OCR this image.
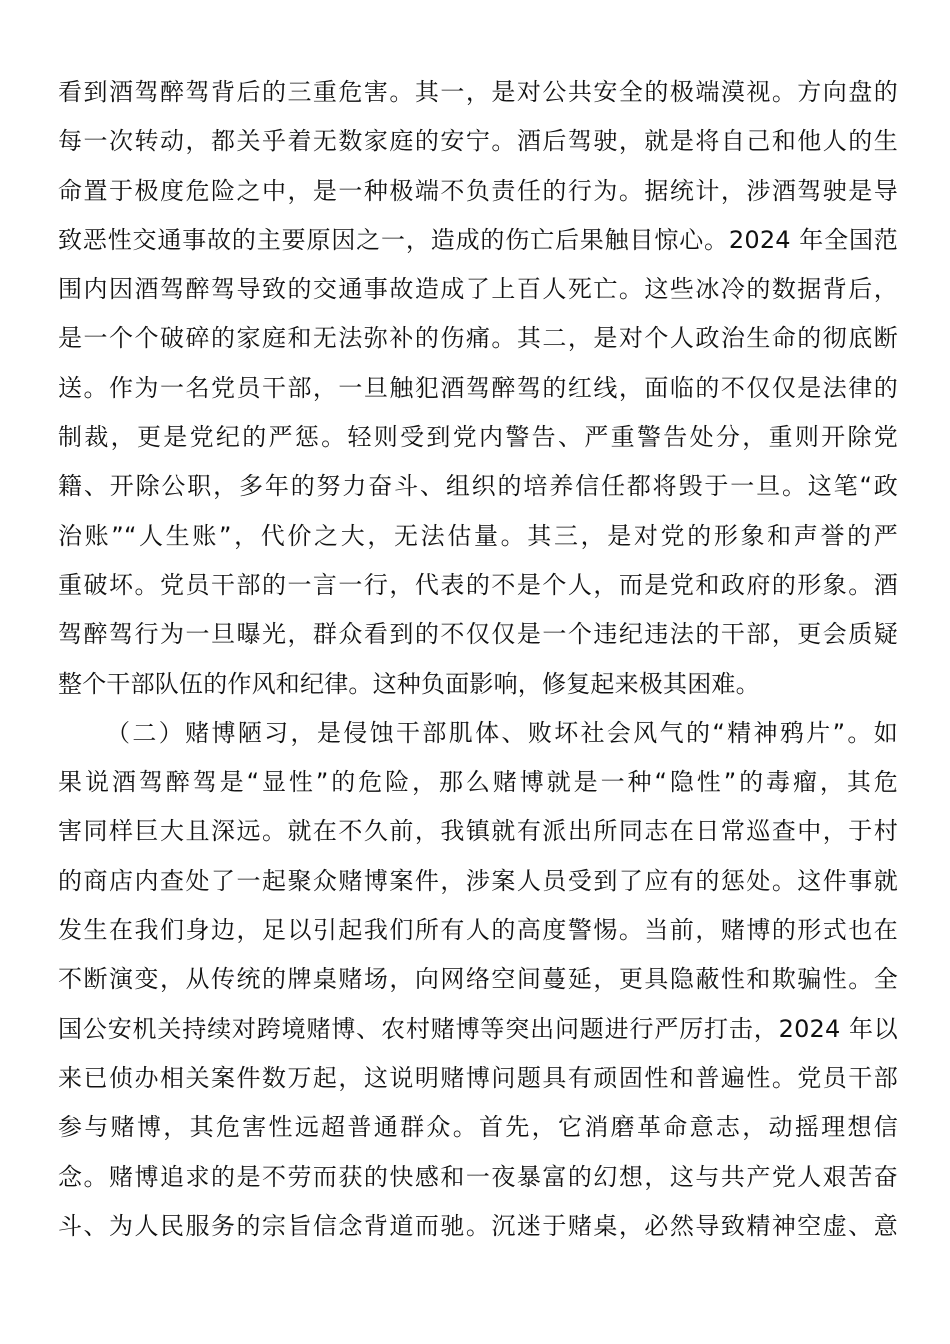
看到酒驾醉驾背后的三重危害。其一，是对公共安全的极端漠视。方向盘的
每一次转动，都关乎着无数家庭的安宁。酒后驾驶，就是将自己和他人的生
命置于极度危险之中，是一种极端不负责任的行为。据统计，涉酒驾驶是导
致恶性交通事故的主要原因之一，造成的伤亡后果触目惊心。2024 年全国范
围内因酒驾醉驾导致的交通事故造成了上百人死亡。这些冰冷的数据背后，
是一个个破碎的家庭和无法弥补的伤痛。其二，是对个人政治生命的彻底断
送。作为一名党员干部，一旦触犯酒驾醉驾的红线，面临的不仅仅是法律的
制裁，更是党纪的严惩。轻则受到党内警告、严重警告处分，重则开除党
籍、开除公职，多年的努力奋斗、组织的培养信任都将毁于一旦。这笔“政
治账”“人生账”，代价之大，无法估量。其三，是对党的形象和声誉的严
重破坏。党员干部的一言一行，代表的不是个人，而是党和政府的形象。酒
驾醉驾行为一旦曝光，群众看到的不仅仅是一个违纪违法的干部，更会质疑
整个干部队伍的作风和纪律。这种负面影响，修复起来极其困难。
（二）赌博陋习，是侵蚀干部肌体、败坏社会风气的“精神鸦片”。如
果说酒驾醉驾是“显性”的危险，那么赌博就是一种“隐性”的毒瘤，其危
害同样巨大且深远。就在不久前，我镇就有派出所同志在日常巡查中，于村
的商店内查处了一起聚众赌博案件，涉案人员受到了应有的惩处。这件事就
发生在我们身边，足以引起我们所有人的高度警惕。当前，赌博的形式也在
不断演变，从传统的牌桌赌场，向网络空间蔓延，更具隐蔽性和欺骗性。全
国公安机关持续对跨境赌博、农村赌博等突出问题进行严厉打击，2024 年以
来已侦办相关案件数万起，这说明赌博问题具有顽固性和普遍性。党员干部
参与赌博，其危害性远超普通群众。首先，它消磨革命意志，动摇理想信
念。赌博追求的是不劳而获的快感和一夜暴富的幻想，这与共产党人艰苦奋
斗、为人民服务的宗旨信念背道而驰。沉迷于赌桌，必然导致精神空虚、意
